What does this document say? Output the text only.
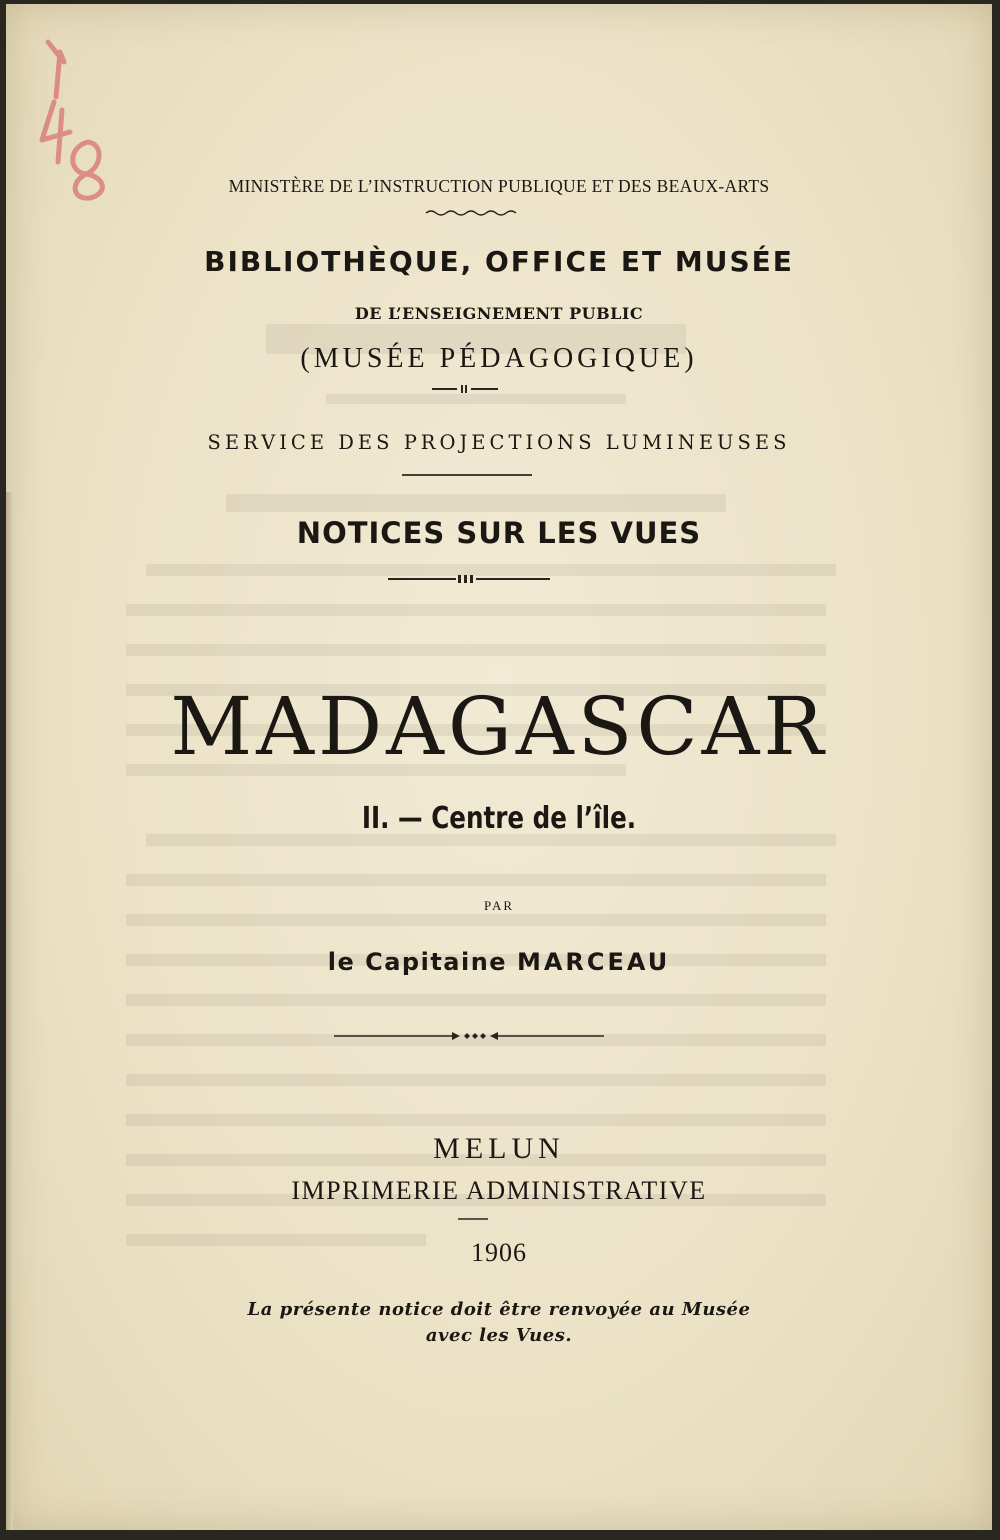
MINISTÈRE DE L’INSTRUCTION PUBLIQUE ET DES BEAUX-ARTS
BIBLIOTHÈQUE, OFFICE ET MUSÉE
DE L’ENSEIGNEMENT PUBLIC
(MUSÉE PÉDAGOGIQUE)
SERVICE DES PROJECTIONS LUMINEUSES
NOTICES SUR LES VUES
MADAGASCAR
II. — Centre de l’île.
PAR
le Capitaine MARCEAU
MELUN
IMPRIMERIE ADMINISTRATIVE
1906
La présente notice doit être renvoyée au Musée
avec les Vues.
